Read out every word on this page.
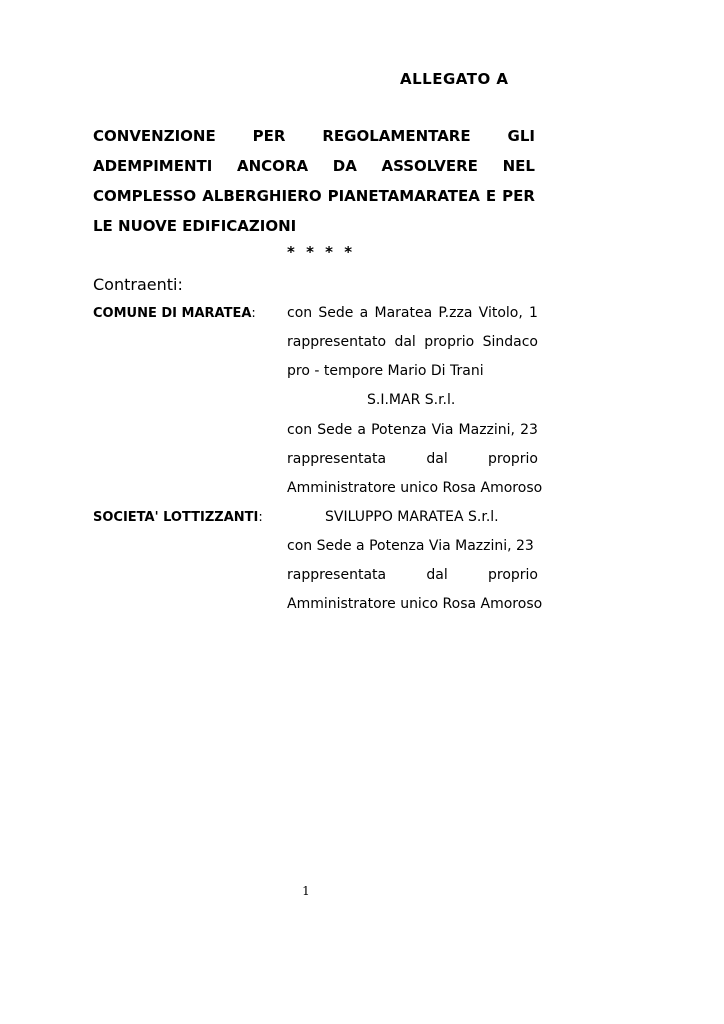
ALLEGATO A
CONVENZIONE PER REGOLAMENTARE GLI
ADEMPIMENTI ANCORA DA ASSOLVERE NEL
COMPLESSO ALBERGHIERO PIANETAMARATEA E PER
LE NUOVE EDIFICAZIONI
* * * *
Contraenti:
COMUNE DI MARATEA: con Sede a Maratea P.zza Vitolo, 1
rappresentato dal proprio Sindaco
pro - tempore Mario Di Trani
S.I.MAR S.r.l.
con Sede a Potenza Via Mazzini, 23
rappresentata	dal	proprio
Amministratore unico Rosa Amoroso
SOCIETA' LOTTIZZANTI:	SVILUPPO MARATEA S.r.l.
con Sede a Potenza Via Mazzini, 23
rappresentata	dal	proprio
Amministratore unico Rosa Amoroso
1
